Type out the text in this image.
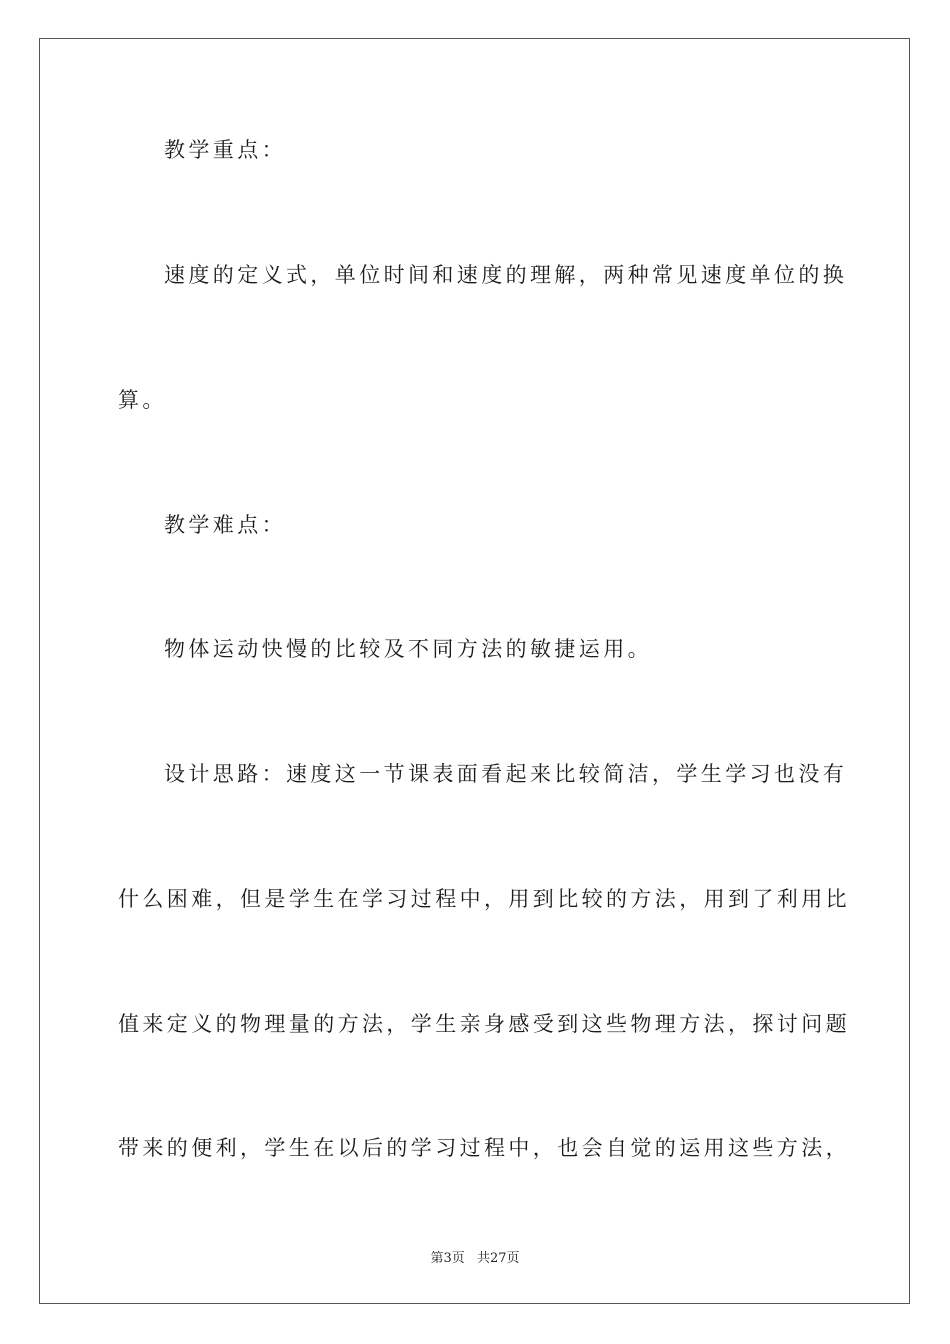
教学重点：
速度的定义式，单位时间和速度的理解，两种常见速度单位的换
算。
教学难点：
物体运动快慢的比较及不同方法的敏捷运用。
设计思路：速度这一节课表面看起来比较简洁，学生学习也没有
什么困难，但是学生在学习过程中，用到比较的方法，用到了利用比
值来定义的物理量的方法，学生亲身感受到这些物理方法，探讨问题
带来的便利，学生在以后的学习过程中，也会自觉的运用这些方法，
第3页 共27页
